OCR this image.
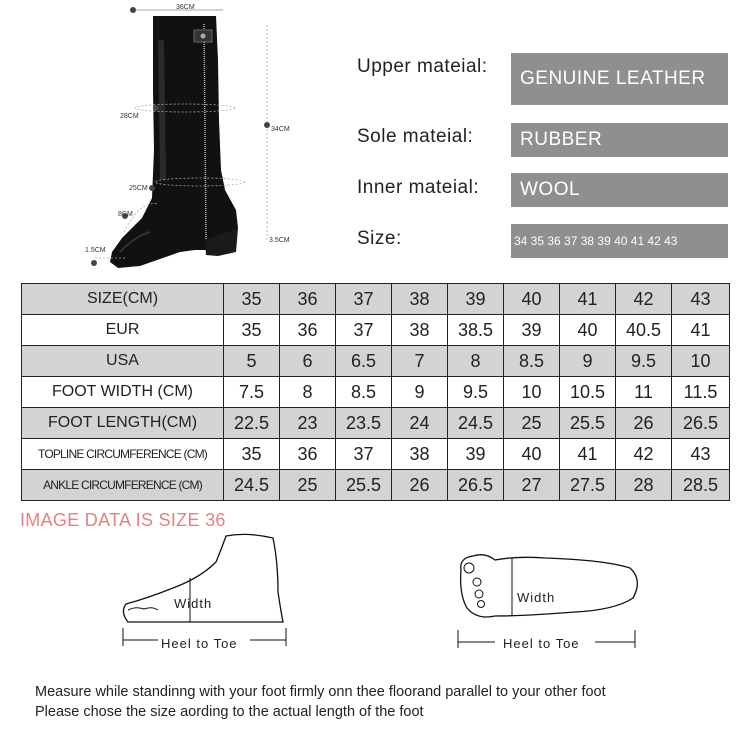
36CM
28CM
34CM
25CM
8CM
3.5CM
1.5CM
Upper mateial:
GENUINE LEATHER
Sole mateial:	RUBBER
Inner mateial:	WOOL
Size:	34 35 36 37 38 39 40 41 42 43
SIZE(CM)	35	36	37	38	39	40	41	42	43
EUR	35	36	37	38	38.5	39	40	40.5	41
USA	5	6	6.5	7	8	8.5	9	9.5	10
FOOT WIDTH (CM)	7.5	8	8.5	9	9.5	10	10.5	11	11.5
FOOT LENGTH(CM)	22.5	23	23.5	24	24.5	25	25.5	26	26.5
TOPLINE CIRCUMFERENCE (CM)	35	36	37	38	39	40	41	42	43
ANKLE CIRCUMFERENCE (CM)	24.5	25	25.5	26	26.5	27	27.5	28	28.5
IMAGE DATA IS SIZE 36
Width
Heel to Toe
Width
Heel to Toe
Measure while standinng with your foot firmly onn thee floorand parallel to your other foot
Please chose the size aording to the actual length of the foot
